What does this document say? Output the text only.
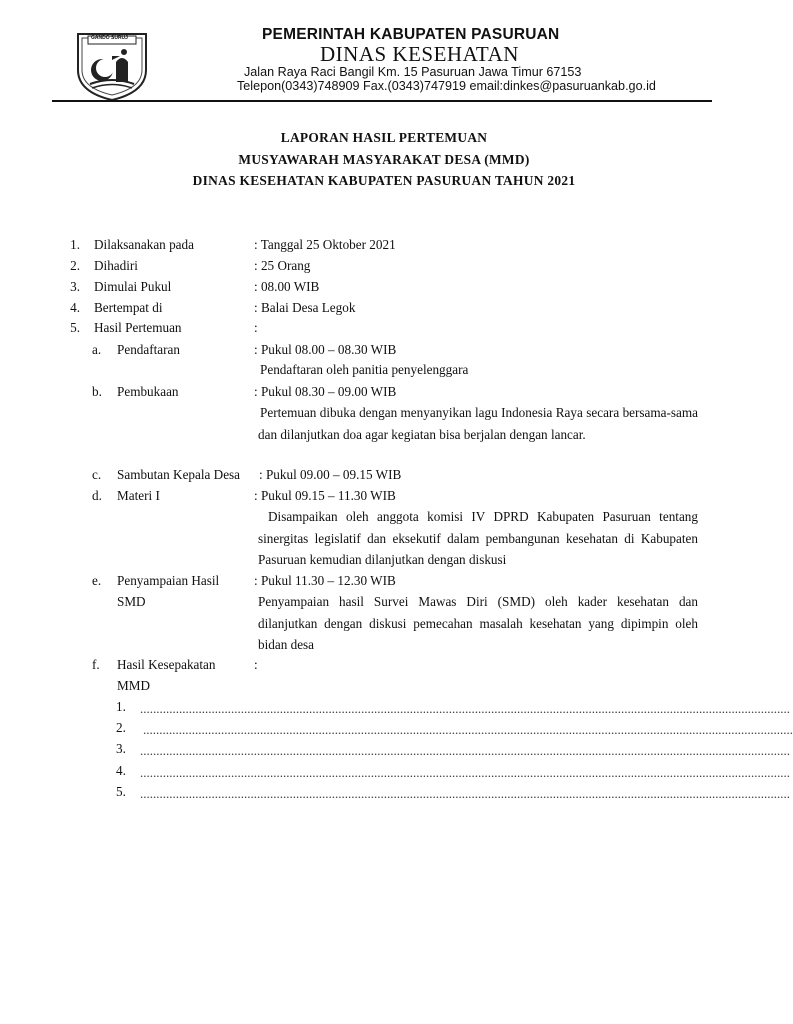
GANDO SURUJ	PEMERINTAH KABUPATEN PASURUAN
DINAS KESEHATAN
Jalan Raya Raci Bangil Km. 15 Pasuruan Jawa Timur 67153
Telepon(0343)748909 Fax.(0343)747919 email:dinkes@pasuruankab.go.id
LAPORAN HASIL PERTEMUAN
MUSYAWARAH MASYARAKAT DESA (MMD)
DINAS KESEHATAN KABUPATEN PASURUAN TAHUN 2021
1. Dilaksanakan pada	: Tanggal 25 Oktober 2021
2. Dihadiri	: 25 Orang
3. Dimulai Pukul	: 08.00 WIB
4. Bertempat di	: Balai Desa Legok
5. Hasil Pertemuan	:
a. Pendaftaran	: Pukul 08.00 – 08.30 WIB
Pendaftaran oleh panitia penyelenggara
b. Pembukaan	: Pukul 08.30 – 09.00 WIB
Pertemuan dibuka dengan menyanyikan lagu Indonesia Raya secara bersama-sama dan dilanjutkan doa agar kegiatan bisa berjalan dengan lancar.
c. Sambutan Kepala Desa : Pukul 09.00 – 09.15 WIB
d. Materi I	: Pukul 09.15 – 11.30 WIB
Disampaikan oleh anggota komisi IV DPRD Kabupaten Pasuruan tentang sinergitas legislatif dan eksekutif dalam pembangunan kesehatan di Kabupaten Pasuruan kemudian dilanjutkan dengan diskusi
e. Penyampaian Hasil
SMD
: Pukul 11.30 – 12.30 WIB
Penyampaian hasil Survei Mawas Diri (SMD) oleh kader kesehatan dan dilanjutkan dengan diskusi pemecahan masalah kesehatan yang dipimpin oleh bidan desa
f. Hasil Kesepakatan
MMD
:
1. ........................................................................................................................................................................................................
2. ........................................................................................................................................................................................................
3. ........................................................................................................................................................................................................
4. ........................................................................................................................................................................................................
5. ........................................................................................................................................................................................................
